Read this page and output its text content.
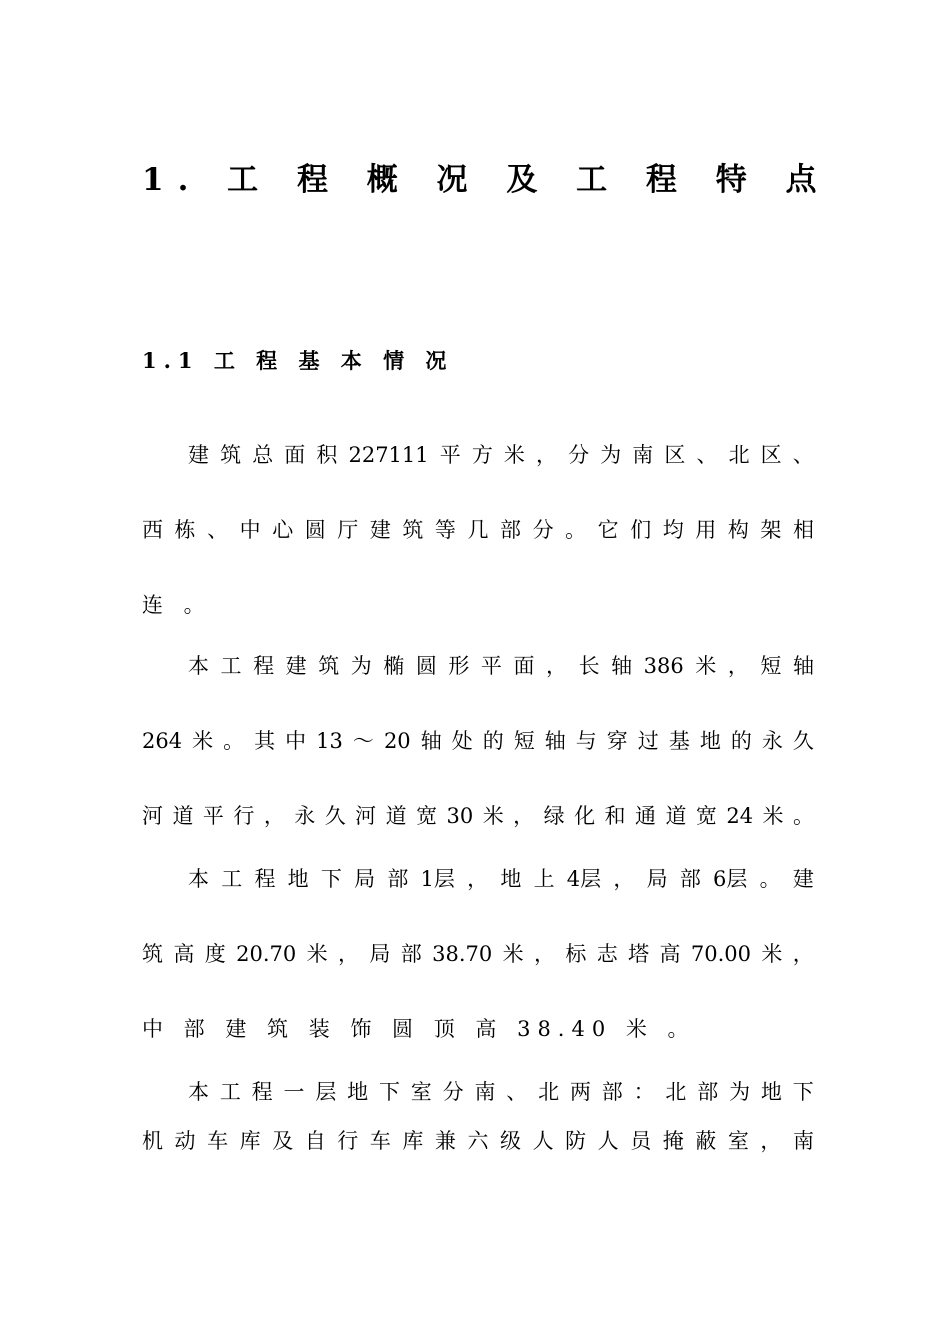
1. 工 程 概 况 及 工 程 特 点
1.1 工 程 基 本 情 况
建 筑 总 面 积 227111 平 方 米 ， 分 为 南 区 、 北 区 、
西 栋 、 中 心 圆 厅 建 筑 等 几 部 分 。 它 们 均 用 构 架 相
连 。
本 工 程 建 筑 为 椭 圆 形 平 面 ， 长 轴 386 米 ， 短 轴
264 米 。 其 中 13 ～ 20 轴 处 的 短 轴 与 穿 过 基 地 的 永 久
河 道 平 行 ， 永 久 河 道 宽 30 米 ， 绿 化 和 通 道 宽 24 米 。
本 工 程 地 下 局 部 1层 ， 地 上 4层 ， 局 部 6层 。 建
筑 高 度 20.70 米 ， 局 部 38.70 米 ， 标 志 塔 高 70.00 米 ，
中 部 建 筑 装 饰 圆 顶 高 38.40 米 。
本 工 程 一 层 地 下 室 分 南 、 北 两 部 ： 北 部 为 地 下
机 动 车 库 及 自 行 车 库 兼 六 级 人 防 人 员 掩 蔽 室 ， 南
